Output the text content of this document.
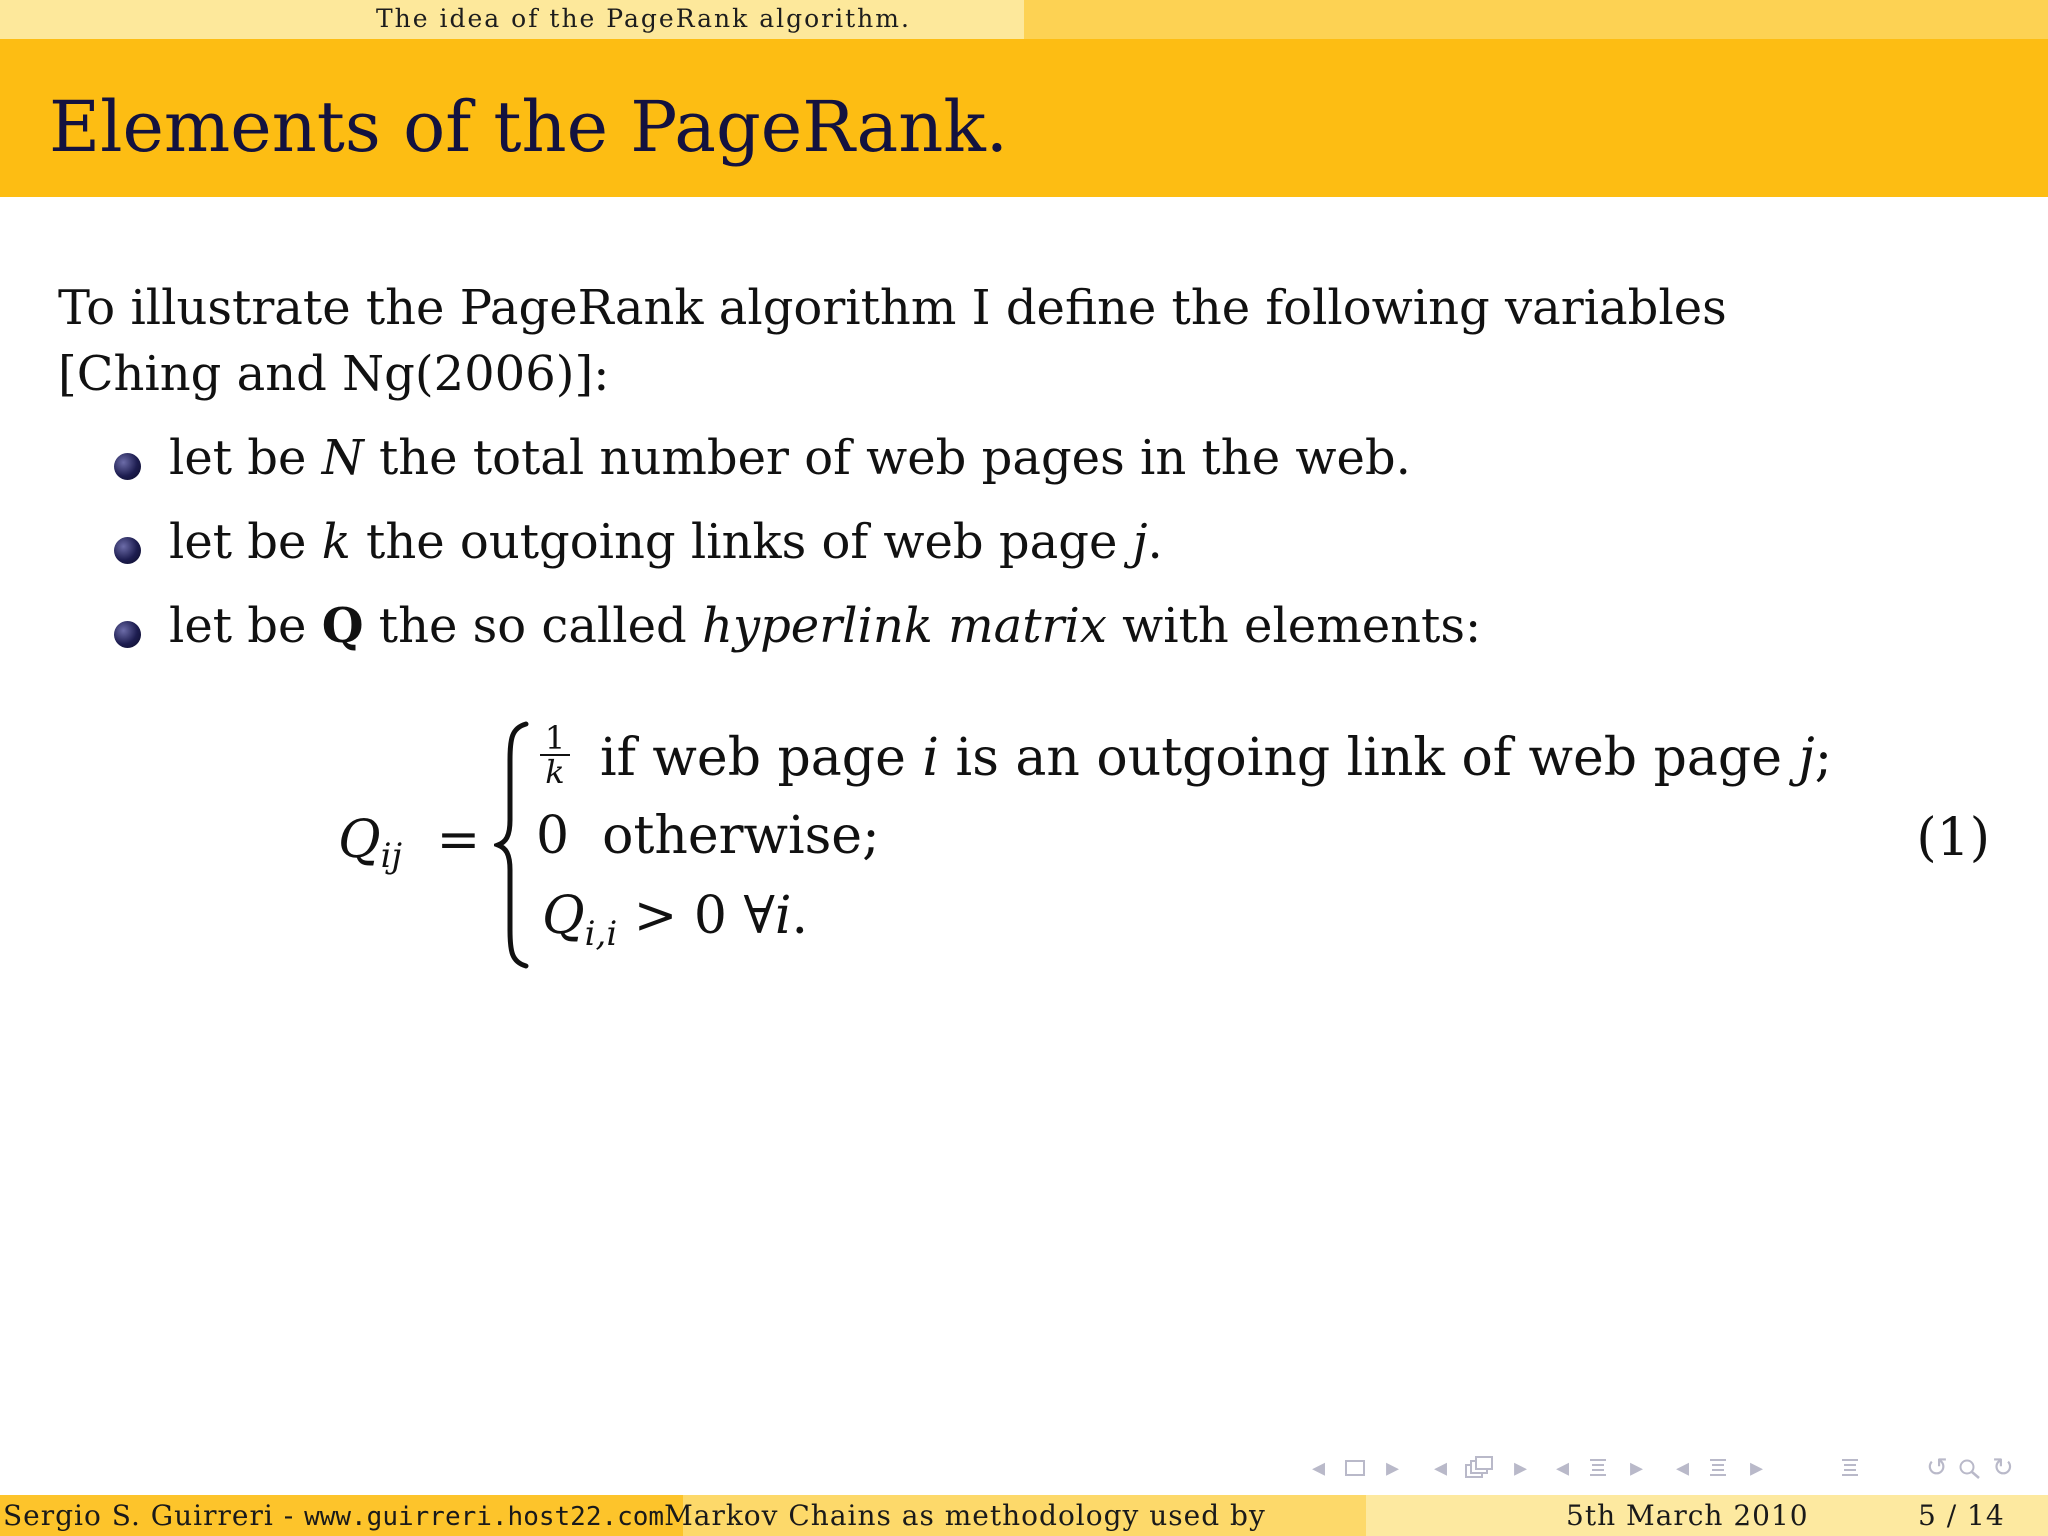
The idea of the PageRank algorithm.
Elements of the PageRank.
To illustrate the PageRank algorithm I define the following variables
[Ching and Ng(2006)]:
let be N the total number of web pages in the web.
let be k the outgoing links of web page j.
let be Q the so called hyperlink matrix with elements:
$Q_{ij}$ =
$\frac{1}{k}$ if web page i is an outgoing link of web page j;
0  otherwise;
$Q_{i,i} > 0$ ∀i.
(1)
◂ ▸ ◂	▸ ◂ ▸ ◂ ▸	↺ ↻
Sergio S. Guirreri - www.guirreri.host22.comMarkov Chains as methodology used by	5th March 2010	5 / 14
